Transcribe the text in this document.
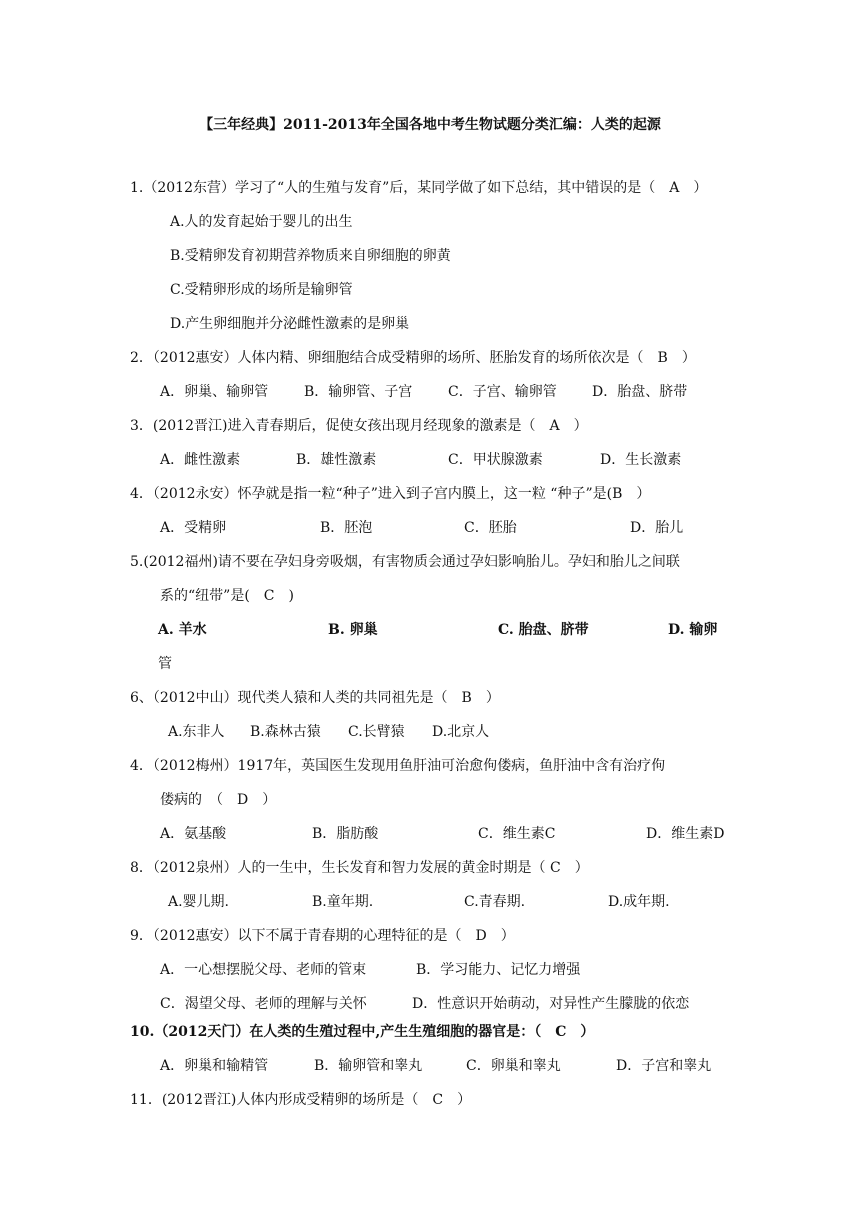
【三年经典】2011-2013年全国各地中考生物试题分类汇编：人类的起源
1.（2012东营）学习了“人的生殖与发育”后，某同学做了如下总结，其中错误的是（　A　）
A.人的发育起始于婴儿的出生
B.受精卵发育初期营养物质来自卵细胞的卵黄
C.受精卵形成的场所是输卵管
D.产生卵细胞并分泌雌性激素的是卵巢
2．（2012惠安）人体内精、卵细胞结合成受精卵的场所、胚胎发育的场所依次是（　B　）
A．卵巢、输卵管	B．输卵管、子宫	C．子宫、输卵管	D．胎盘、脐带
3．(2012晋江)进入青春期后，促使女孩出现月经现象的激素是（　A　）
A．雌性激素	B．雄性激素	C．甲状腺激素	D．生长激素
4．（2012永安）怀孕就是指一粒“种子”进入到子宫内膜上，这一粒 “种子”是(B　）
A．受精卵	B．胚泡	C．胚胎	D．胎儿
5.(2012福州)请不要在孕妇身旁吸烟，有害物质会通过孕妇影响胎儿。孕妇和胎儿之间联
系的“纽带”是(　C　)
A. 羊水	B. 卵巢	C. 胎盘、脐带	D. 输卵
管
6、（2012中山）现代类人猿和人类的共同祖先是（　B　）
A.东非人 B.森林古猿 C.长臂猿 D.北京人
4．（2012梅州）1917年，英国医生发现用鱼肝油可治愈佝偻病，鱼肝油中含有治疗佝
偻病的　（　D　）
A．氨基酸	B．脂肪酸	C．维生素C	D．维生素D
8．（2012泉州）人的一生中，生长发育和智力发展的黄金时期是（ C　）
A.婴儿期.	B.童年期.	C.青春期.	D.成年期.
9．（2012惠安）以下不属于青春期的心理特征的是（　D　）
A．一心想摆脱父母、老师的管束	B．学习能力、记忆力增强
C．渴望父母、老师的理解与关怀	D．性意识开始萌动，对异性产生朦胧的依恋
10.（2012天门）在人类的生殖过程中,产生生殖细胞的器官是：（　C　）
A．卵巢和输精管	B．输卵管和睾丸	C．卵巢和睾丸	D．子宫和睾丸
11．(2012晋江)人体内形成受精卵的场所是（　C　）
